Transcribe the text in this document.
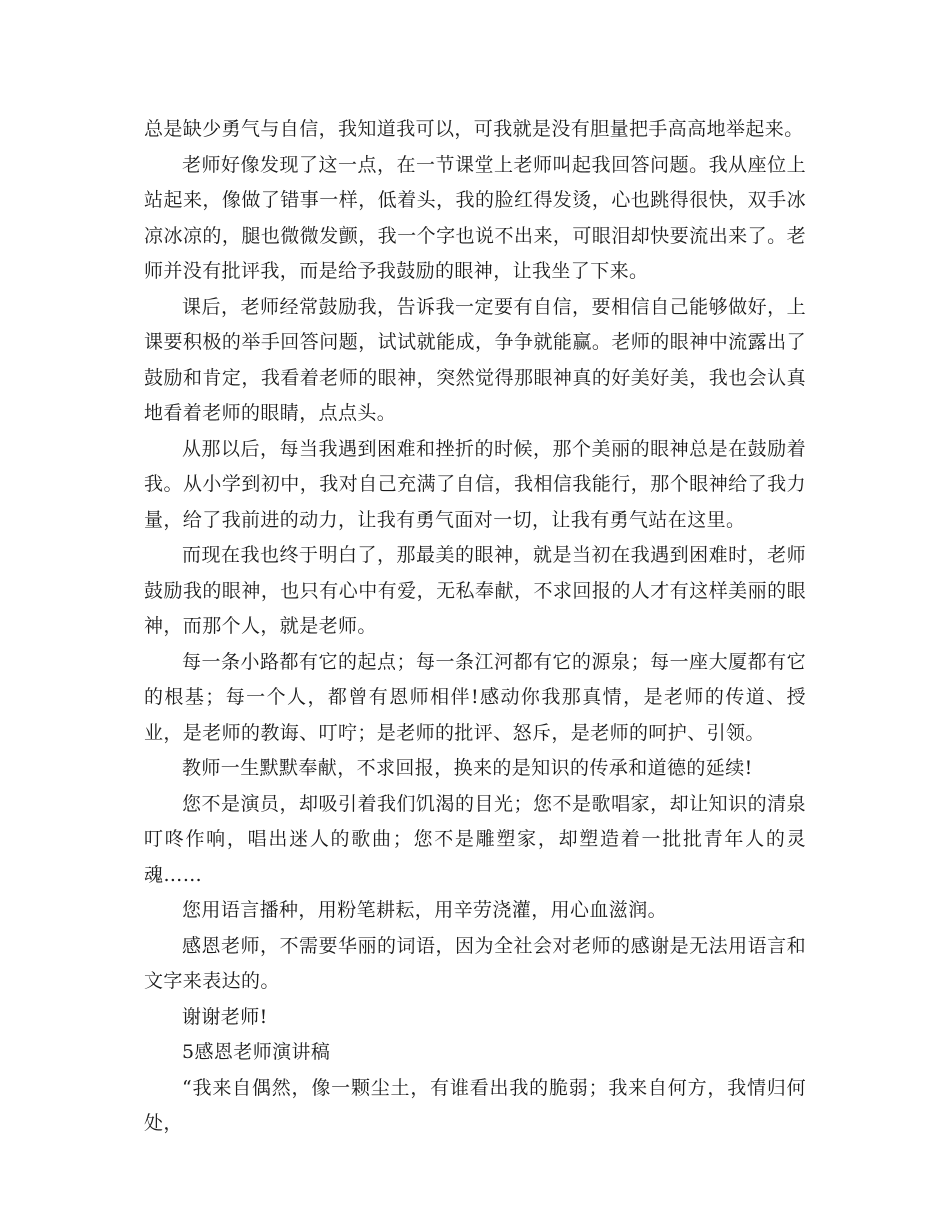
总是缺少勇气与自信，我知道我可以，可我就是没有胆量把手高高地举起来。

老师好像发现了这一点，在一节课堂上老师叫起我回答问题。我从座位上站起来，像做了错事一样，低着头，我的脸红得发烫，心也跳得很快，双手冰凉冰凉的，腿也微微发颤，我一个字也说不出来，可眼泪却快要流出来了。老师并没有批评我，而是给予我鼓励的眼神，让我坐了下来。

课后，老师经常鼓励我，告诉我一定要有自信，要相信自己能够做好，上课要积极的举手回答问题，试试就能成，争争就能赢。老师的眼神中流露出了鼓励和肯定，我看着老师的眼神，突然觉得那眼神真的好美好美，我也会认真地看着老师的眼睛，点点头。

从那以后，每当我遇到困难和挫折的时候，那个美丽的眼神总是在鼓励着我。从小学到初中，我对自己充满了自信，我相信我能行，那个眼神给了我力量，给了我前进的动力，让我有勇气面对一切，让我有勇气站在这里。

而现在我也终于明白了，那最美的眼神，就是当初在我遇到困难时，老师鼓励我的眼神，也只有心中有爱，无私奉献，不求回报的人才有这样美丽的眼神，而那个人，就是老师。

每一条小路都有它的起点；每一条江河都有它的源泉；每一座大厦都有它的根基；每一个人，都曾有恩师相伴!感动你我那真情，是老师的传道、授业，是老师的教诲、叮咛；是老师的批评、怒斥，是老师的呵护、引领。

教师一生默默奉献，不求回报，换来的是知识的传承和道德的延续!

您不是演员，却吸引着我们饥渴的目光；您不是歌唱家，却让知识的清泉叮咚作响，唱出迷人的歌曲；您不是雕塑家，却塑造着一批批青年人的灵魂……

您用语言播种，用粉笔耕耘，用辛劳浇灌，用心血滋润。

感恩老师，不需要华丽的词语，因为全社会对老师的感谢是无法用语言和文字来表达的。

谢谢老师!

5感恩老师演讲稿

“我来自偶然，像一颗尘土，有谁看出我的脆弱；我来自何方，我情归何处，
